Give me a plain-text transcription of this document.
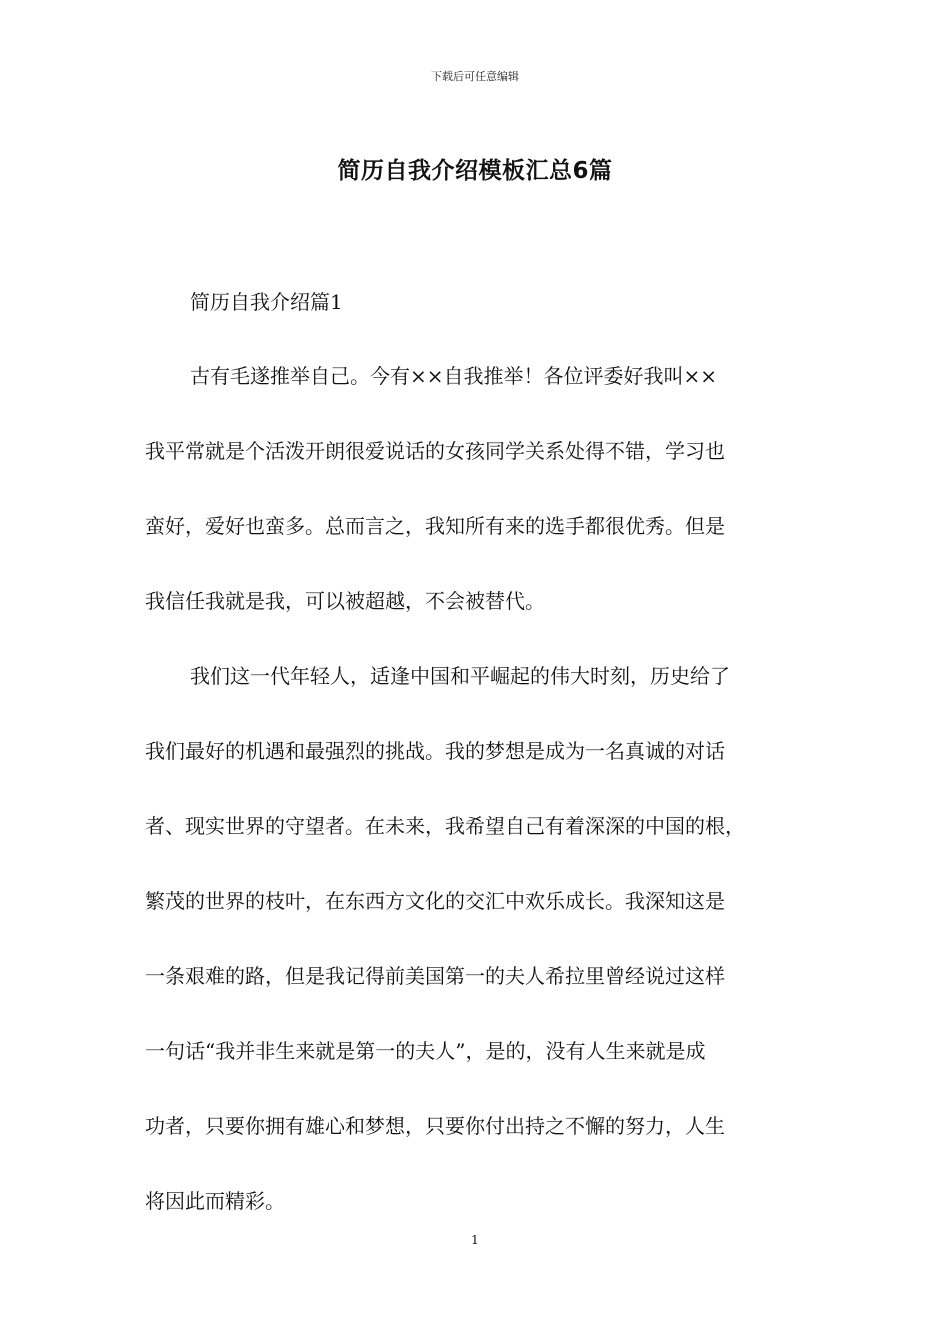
下载后可任意编辑
简历自我介绍模板汇总6篇
简历自我介绍篇1
古有毛遂推举自己。今有××自我推举！各位评委好我叫××
我平常就是个活泼开朗很爱说话的女孩同学关系处得不错，学习也
蛮好，爱好也蛮多。总而言之，我知所有来的选手都很优秀。但是
我信任我就是我，可以被超越，不会被替代。
我们这一代年轻人，适逢中国和平崛起的伟大时刻，历史给了
我们最好的机遇和最强烈的挑战。我的梦想是成为一名真诚的对话
者、现实世界的守望者。在未来，我希望自己有着深深的中国的根，
繁茂的世界的枝叶，在东西方文化的交汇中欢乐成长。我深知这是
一条艰难的路，但是我记得前美国第一的夫人希拉里曾经说过这样
一句话“我并非生来就是第一的夫人”，是的，没有人生来就是成
功者，只要你拥有雄心和梦想，只要你付出持之不懈的努力，人生
将因此而精彩。
1
